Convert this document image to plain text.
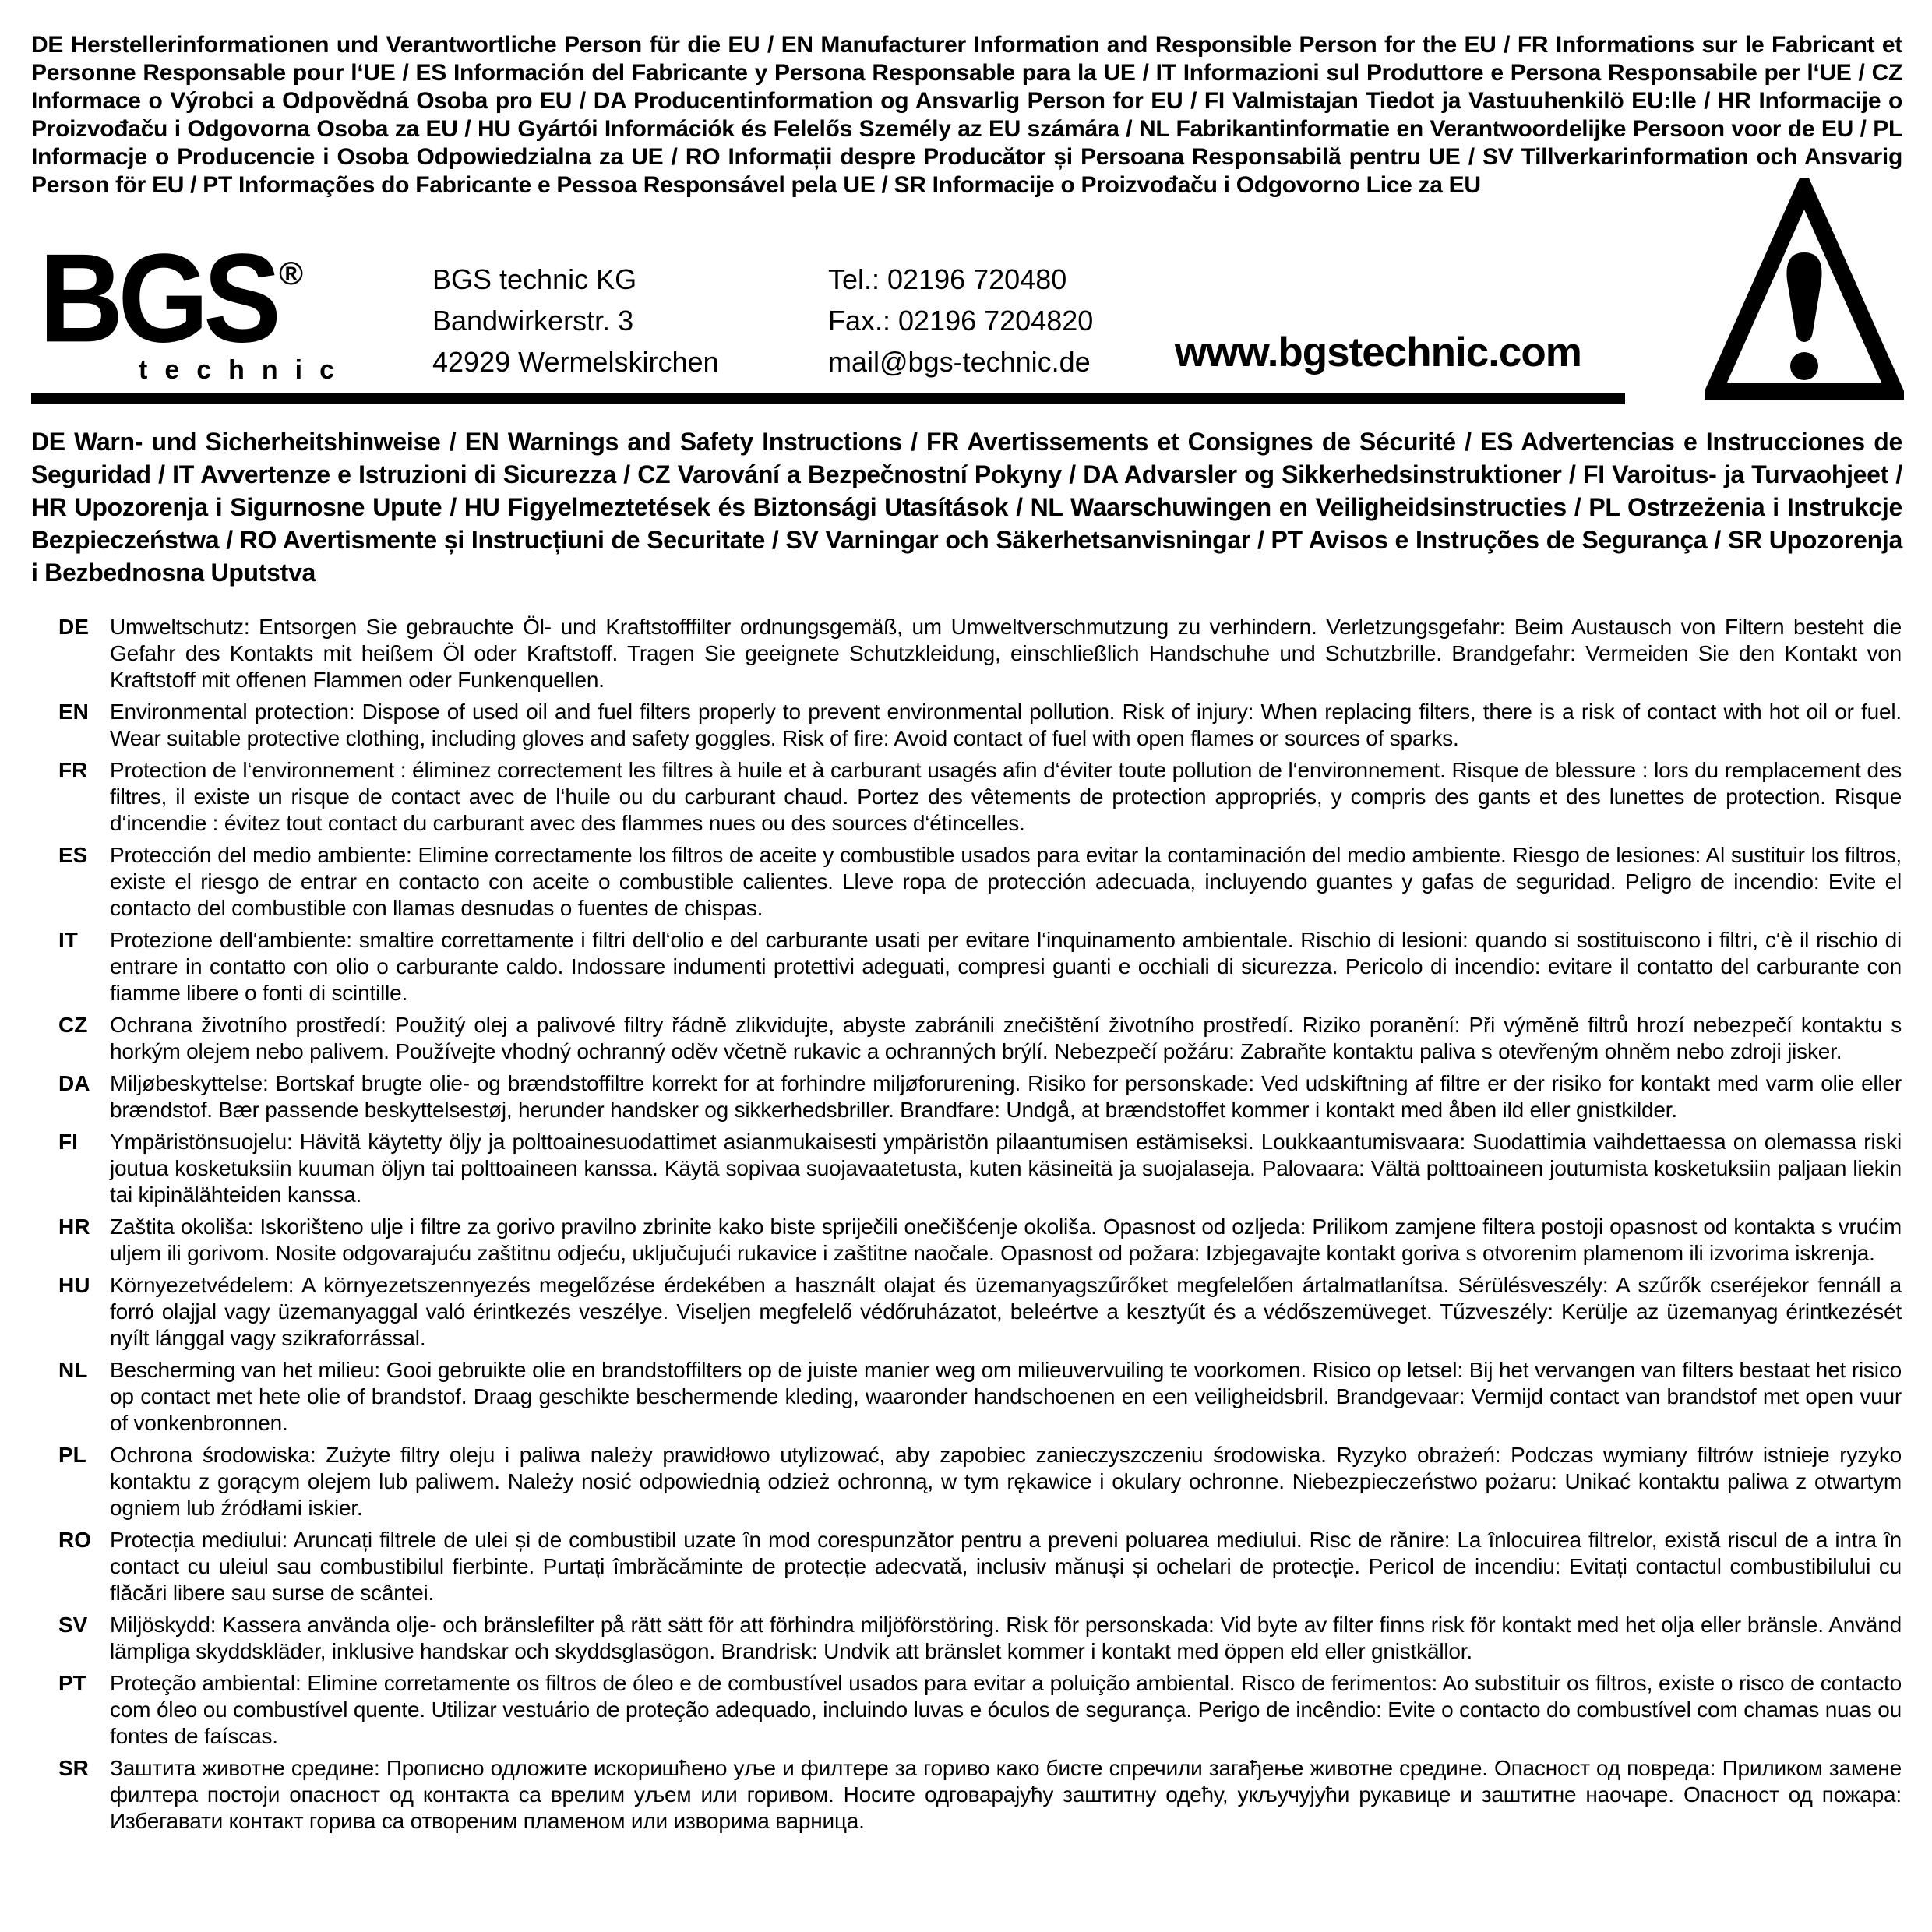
DE Herstellerinformationen und Verantwortliche Person für die EU / EN Manufacturer Information and Responsible Person for the EU / FR Informations sur le Fabricant et Personne Responsable pour l‘UE / ES Información del Fabricante y Persona Responsable para la UE / IT Informazioni sul Produttore e Persona Responsabile per l‘UE / CZ Informace o Výrobci a Odpovědná Osoba pro EU / DA Producentinformation og Ansvarlig Person for EU / FI Valmistajan Tiedot ja Vastuuhenkilö EU:lle / HR Informacije o Proizvođaču i Odgovorna Osoba za EU / HU Gyártói Információk és Felelős Személy az EU számára / NL Fabrikantinformatie en Verantwoordelijke Persoon voor de EU / PL Informacje o Producencie i Osoba Odpowiedzialna za UE / RO Informații despre Producător și Persoana Responsabilă pentru UE / SV Tillverkarinformation och Ansvarig Person för EU / PT Informações do Fabricante e Pessoa Responsável pela UE / SR Informacije o Proizvođaču i Odgovorno Lice za EU
BGS®
technic
BGS technic KG
Bandwirkerstr. 3
42929 Wermelskirchen
Tel.: 02196 720480
Fax.: 02196 7204820
mail@bgs-technic.de www.bgstechnic.com
DE Warn- und Sicherheitshinweise / EN Warnings and Safety Instructions / FR Avertissements et Consignes de Sécurité / ES Advertencias e Instrucciones de Seguridad / IT Avvertenze e Istruzioni di Sicurezza / CZ Varování a Bezpečnostní Pokyny / DA Advarsler og Sikkerhedsinstruktioner / FI Varoitus- ja Turvaohjeet / HR Upozorenja i Sigurnosne Upute / HU Figyelmeztetések és Biztonsági Utasítások / NL Waarschuwingen en Veiligheidsinstructies / PL Ostrzeżenia i Instrukcje Bezpieczeństwa / RO Avertismente și Instrucțiuni de Securitate / SV Varningar och Säkerhetsanvisningar / PT Avisos e Instruções de Segurança / SR Upozorenja i Bezbednosna Uputstva
DE Umweltschutz: Entsorgen Sie gebrauchte Öl- und Kraftstofffilter ordnungsgemäß, um Umweltverschmutzung zu verhindern. Verletzungsgefahr: Beim Austausch von Filtern besteht die Gefahr des Kontakts mit heißem Öl oder Kraftstoff. Tragen Sie geeignete Schutzkleidung, einschließlich Handschuhe und Schutzbrille. Brandgefahr: Vermeiden Sie den Kontakt von Kraftstoff mit offenen Flammen oder Funkenquellen.
EN Environmental protection: Dispose of used oil and fuel filters properly to prevent environmental pollution. Risk of injury: When replacing filters, there is a risk of contact with hot oil or fuel. Wear suitable protective clothing, including gloves and safety goggles. Risk of fire: Avoid contact of fuel with open flames or sources of sparks.
FR	Protection de l‘environnement : éliminez correctement les filtres à huile et à carburant usagés afin d‘éviter toute pollution de l‘environnement. Risque de blessure : lors du remplacement des filtres, il existe un risque de contact avec de l‘huile ou du carburant chaud. Portez des vêtements de protection appropriés, y compris des gants et des lunettes de protection. Risque d‘incendie : évitez tout contact du carburant avec des flammes nues ou des sources d‘étincelles.
ES	Protección del medio ambiente: Elimine correctamente los filtros de aceite y combustible usados para evitar la contaminación del medio ambiente. Riesgo de lesiones: Al sustituir los filtros, existe el riesgo de entrar en contacto con aceite o combustible calientes. Lleve ropa de protección adecuada, incluyendo guantes y gafas de seguridad. Peligro de incendio: Evite el contacto del combustible con llamas desnudas o fuentes de chispas.
IT	Protezione dell‘ambiente: smaltire correttamente i filtri dell‘olio e del carburante usati per evitare l‘inquinamento ambientale. Rischio di lesioni: quando si sostituiscono i filtri, c‘è il rischio di entrare in contatto con olio o carburante caldo. Indossare indumenti protettivi adeguati, compresi guanti e occhiali di sicurezza. Pericolo di incendio: evitare il contatto del carburante con fiamme libere o fonti di scintille.
CZ	Ochrana životního prostředí: Použitý olej a palivové filtry řádně zlikvidujte, abyste zabránili znečištění životního prostředí. Riziko poranění: Při výměně filtrů hrozí nebezpečí kontaktu s horkým olejem nebo palivem. Používejte vhodný ochranný oděv včetně rukavic a ochranných brýlí. Nebezpečí požáru: Zabraňte kontaktu paliva s otevřeným ohněm nebo zdroji jisker.
DA Miljøbeskyttelse: Bortskaf brugte olie- og brændstoffiltre korrekt for at forhindre miljøforurening. Risiko for personskade: Ved udskiftning af filtre er der risiko for kontakt med varm olie eller brændstof. Bær passende beskyttelsestøj, herunder handsker og sikkerhedsbriller. Brandfare: Undgå, at brændstoffet kommer i kontakt med åben ild eller gnistkilder.
FI	Ympäristönsuojelu: Hävitä käytetty öljy ja polttoainesuodattimet asianmukaisesti ympäristön pilaantumisen estämiseksi. Loukkaantumisvaara: Suodattimia vaihdettaessa on olemassa riski joutua kosketuksiin kuuman öljyn tai polttoaineen kanssa. Käytä sopivaa suojavaatetusta, kuten käsineitä ja suojalaseja. Palovaara: Vältä polttoaineen joutumista kosketuksiin paljaan liekin tai kipinälähteiden kanssa.
HR Zaštita okoliša: Iskorišteno ulje i filtre za gorivo pravilno zbrinite kako biste spriječili onečišćenje okoliša. Opasnost od ozljeda: Prilikom zamjene filtera postoji opasnost od kontakta s vrućim uljem ili gorivom. Nosite odgovarajuću zaštitnu odjeću, uključujući rukavice i zaštitne naočale. Opasnost od požara: Izbjegavajte kontakt goriva s otvorenim plamenom ili izvorima iskrenja.
HU Környezetvédelem: A környezetszennyezés megelőzése érdekében a használt olajat és üzemanyagszűrőket megfelelően ártalmatlanítsa. Sérülésveszély: A szűrők cseréjekor fennáll a forró olajjal vagy üzemanyaggal való érintkezés veszélye. Viseljen megfelelő védőruházatot, beleértve a kesztyűt és a védőszemüveget. Tűzveszély: Kerülje az üzemanyag érintkezését nyílt lánggal vagy szikraforrással.
NL	Bescherming van het milieu: Gooi gebruikte olie en brandstoffilters op de juiste manier weg om milieuvervuiling te voorkomen. Risico op letsel: Bij het vervangen van filters bestaat het risico op contact met hete olie of brandstof. Draag geschikte beschermende kleding, waaronder handschoenen en een veiligheidsbril. Brandgevaar: Vermijd contact van brandstof met open vuur of vonkenbronnen.
PL	Ochrona środowiska: Zużyte filtry oleju i paliwa należy prawidłowo utylizować, aby zapobiec zanieczyszczeniu środowiska. Ryzyko obrażeń: Podczas wymiany filtrów istnieje ryzyko kontaktu z gorącym olejem lub paliwem. Należy nosić odpowiednią odzież ochronną, w tym rękawice i okulary ochronne. Niebezpieczeństwo pożaru: Unikać kontaktu paliwa z otwartym ogniem lub źródłami iskier.
RO Protecția mediului: Aruncați filtrele de ulei și de combustibil uzate în mod corespunzător pentru a preveni poluarea mediului. Risc de rănire: La înlocuirea filtrelor, există riscul de a intra în contact cu uleiul sau combustibilul fierbinte. Purtați îmbrăcăminte de protecție adecvată, inclusiv mănuși și ochelari de protecție. Pericol de incendiu: Evitați contactul combustibilului cu flăcări libere sau surse de scântei.
SV	Miljöskydd: Kassera använda olje- och bränslefilter på rätt sätt för att förhindra miljöförstöring. Risk för personskada: Vid byte av filter finns risk för kontakt med het olja eller bränsle. Använd lämpliga skyddskläder, inklusive handskar och skyddsglasögon. Brandrisk: Undvik att bränslet kommer i kontakt med öppen eld eller gnistkällor.
PT	Proteção ambiental: Elimine corretamente os filtros de óleo e de combustível usados para evitar a poluição ambiental. Risco de ferimentos: Ao substituir os filtros, existe o risco de contacto com óleo ou combustível quente. Utilizar vestuário de proteção adequado, incluindo luvas e óculos de segurança. Perigo de incêndio: Evite o contacto do combustível com chamas nuas ou fontes de faíscas.
SR Заштита животне средине: Прописно одложите искоришћено уље и филтере за гориво како бисте спречили загађење животне средине. Опасност од повреда: Приликом замене филтера постоји опасност од контакта са врелим уљем или горивом. Носите одговарајућу заштитну одећу, укључујући рукавице и заштитне наочаре. Опасност од пожара: Избегавати контакт горива са отвореним пламеном или изворима варница.
